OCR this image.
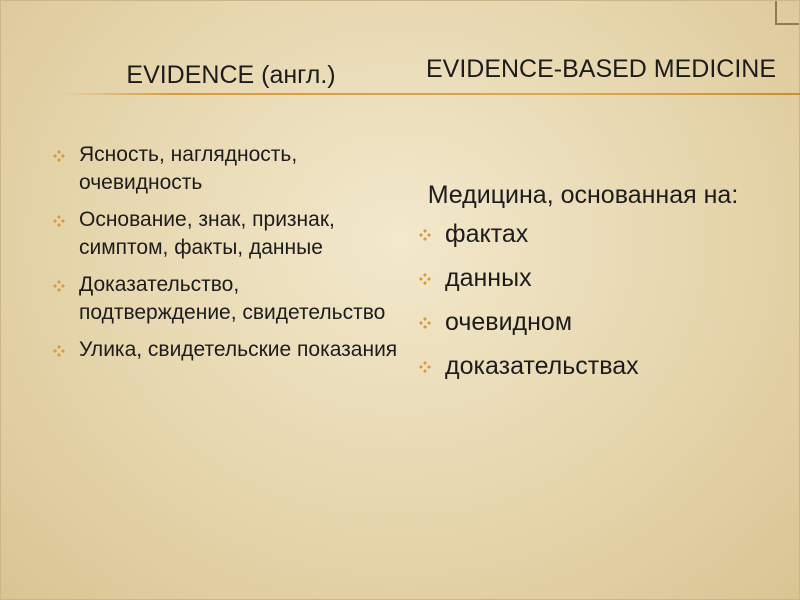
EVIDENCE (англ.)	EVIDENCE-BASED MEDICINE
Ясность, наглядность, очевидность
Основание, знак, признак, симптом, факты, данные
Доказательство, подтверждение, свидетельство
Улика, свидетельские показания

Медицина, основанная на:

фактах
данных
очевидном
доказательствах
